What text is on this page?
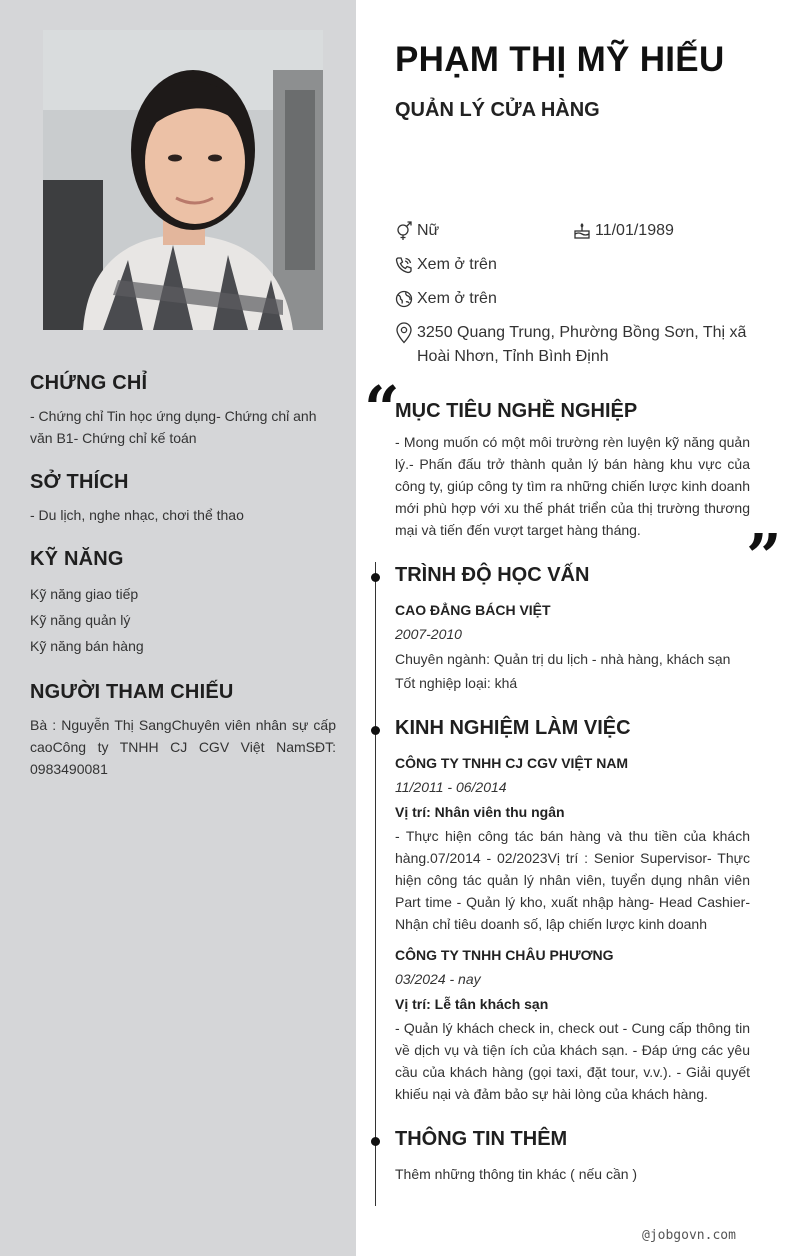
CHỨNG CHỈ
- Chứng chỉ Tin học ứng dụng- Chứng chỉ anh văn B1- Chứng chỉ kế toán
SỞ THÍCH
- Du lịch, nghe nhạc, chơi thể thao
KỸ NĂNG
Kỹ năng giao tiếp
Kỹ năng quản lý
Kỹ năng bán hàng
NGƯỜI THAM CHIẾU
Bà : Nguyễn Thị SangChuyên viên nhân sự cấp caoCông ty TNHH CJ CGV Việt NamSĐT: 0983490081
PHẠM THỊ MỸ HIẾU
QUẢN LÝ CỬA HÀNG
Nữ	11/01/1989
Xem ở trên
Xem ở trên
3250 Quang Trung, Phường Bồng Sơn, Thị xã Hoài Nhơn, Tỉnh Bình Định
“
”
MỤC TIÊU NGHỀ NGHIỆP
- Mong muốn có một môi trường rèn luyện kỹ năng quản lý.- Phấn đấu trở thành quản lý bán hàng khu vực của công ty, giúp công ty tìm ra những chiến lược kinh doanh mới phù hợp với xu thế phát triển của thị trường thương mại và tiến đến vượt target hàng tháng.
TRÌNH ĐỘ HỌC VẤN
CAO ĐẲNG BÁCH VIỆT
2007-2010
Chuyên ngành: Quản trị du lịch - nhà hàng, khách sạn
Tốt nghiệp loại: khá
KINH NGHIỆM LÀM VIỆC
CÔNG TY TNHH CJ CGV VIỆT NAM
11/2011 - 06/2014
Vị trí: Nhân viên thu ngân
- Thực hiện công tác bán hàng và thu tiền của khách hàng.07/2014 - 02/2023Vị trí : Senior Supervisor- Thực hiện công tác quản lý nhân viên, tuyển dụng nhân viên Part time - Quản lý kho, xuất nhập hàng- Head Cashier- Nhận chỉ tiêu doanh số, lập chiến lược kinh doanh
CÔNG TY TNHH CHÂU PHƯƠNG
03/2024 - nay
Vị trí: Lễ tân khách sạn
- Quản lý khách check in, check out - Cung cấp thông tin về dịch vụ và tiện ích của khách sạn. - Đáp ứng các yêu cầu của khách hàng (gọi taxi, đặt tour, v.v.). - Giải quyết khiếu nại và đảm bảo sự hài lòng của khách hàng.
THÔNG TIN THÊM
Thêm những thông tin khác ( nếu cần )
@jobgovn.com
